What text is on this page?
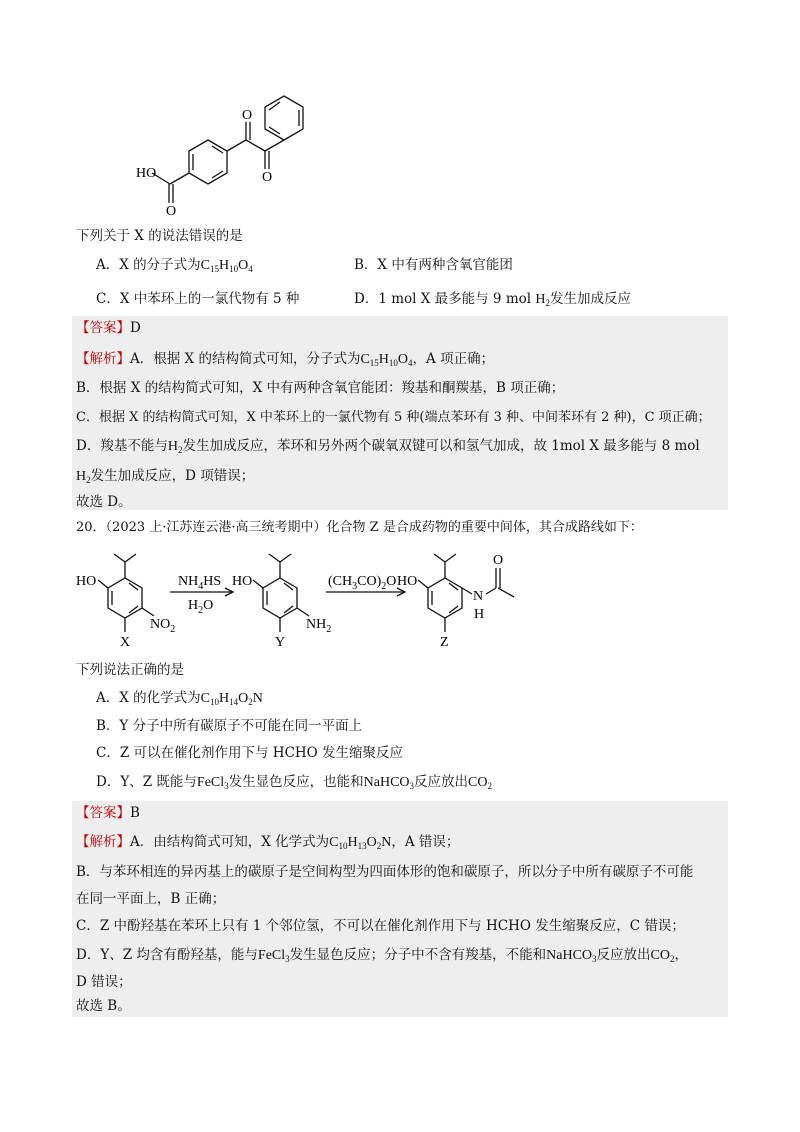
HO
O
O
O
下列关于 X 的说法错误的是
A．X 的分子式为$C_{15}H_{10}O_4$	B．X 中有两种含氧官能团
C．X 中苯环上的一氯代物有 5 种	D．1 mol X 最多能与 9 mol $H_2$发生加成反应
【答案】D
【解析】A．根据 X 的结构简式可知，分子式为$C_{15}H_{10}O_4$，A 项正确；
B．根据 X 的结构简式可知，X 中有两种含氧官能团：羧基和酮羰基，B 项正确；
C．根据 X 的结构简式可知，X 中苯环上的一氯代物有 5 种(端点苯环有 3 种、中间苯环有 2 种)，C 项正确；
D．羧基不能与$H_2$发生加成反应，苯环和另外两个碳氧双键可以和氢气加成，故 1mol X 最多能与 8 mol
$H_2$发生加成反应，D 项错误；
故选 D。
20．（2023 上·江苏连云港·高三统考期中）化合物 Z 是合成药物的重要中间体，其合成路线如下：
HO
$NO_2$
X
$NH_4HS$
$H_2O$
HO
$NH_2$
Y
$(CH_3CO)_2O$ HO
N
H
O
Z
下列说法正确的是
A．X 的化学式为$C_{10}H_{14}O_2N$
B．Y 分子中所有碳原子不可能在同一平面上
C．Z 可以在催化剂作用下与 HCHO 发生缩聚反应
D．Y、Z 既能与FeCl$_3$发生显色反应，也能和NaHCO$_3$反应放出$CO_2$
【答案】B
【解析】A．由结构简式可知，X 化学式为$C_{10}H_{13}O_2N$，A 错误；
B．与苯环相连的异丙基上的碳原子是空间构型为四面体形的饱和碳原子，所以分子中所有碳原子不可能
在同一平面上，B 正确；
C．Z 中酚羟基在苯环上只有 1 个邻位氢，不可以在催化剂作用下与 HCHO 发生缩聚反应，C 错误；
D．Y、Z 均含有酚羟基，能与FeCl$_3$发生显色反应；分子中不含有羧基，不能和NaHCO$_3$反应放出$CO_2$，
D 错误；
故选 B。
